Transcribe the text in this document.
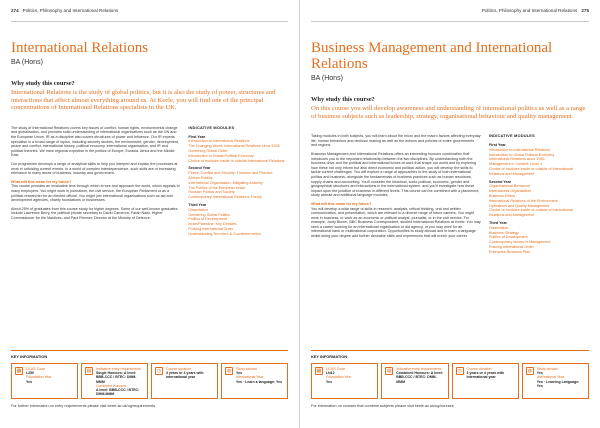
274 Politics, Philosophy and International Relations
International Relations
BA (Hons)
Why study this course?
International Relations is the study of global politics, but it is also the study of power, structures and interactions that affect almost everything around us. At Keele, you will find one of the principal concentrations of International Relations specialists in the UK.

The study of International Relations covers key issues of conflict, human rights, environmental change and globalisation, and provides solid understanding of international organisations such as the UN and the European Union. IR as a discipline also covers structures of power and influence. Our IR experts specialise in a broad range of topics, including security studies, the environment, gender, development, peace and conflict, international history, political economy, international organisation, and IR and political theories. We have regional expertise in the politics of Europe, Eurasia, Africa and the Middle East.

Our programme develops a range of analytical skills to help you interpret and explain the processes at work in unfolding current events. In a world of complex interdependence, such skills are of increasing relevance to many areas of business, industry and government.

What will this mean for my future?

This course provides an invaluable lens through which to see and approach the world, which appeals to many employers. You might work in journalism, the civil service, the European Parliament or as a political researcher for an elected official. You might join international organisations such as aid and development agencies, charity foundations or businesses.

About 25% of graduates from this course study for higher degrees. Some of our well-known graduates include Lawrence Berry, the political private secretary to David Cameron, Farah Naisi, Higher Commissioner for the Maldives, and Paul Rimmer, Director at the Ministry of Defence.

INDICATIVE MODULES
First Year
Introduction to International Relations
The Changing World: International Relations since 1945
Governing Global Order
Introduction to Global Political Economy
Choice of modules inside or outside International Relations
Second Year
Peace, Conflict and Security: Theories and Practice
African Politics
International Organisation: Mitigating Anarchy
The Politics of the European Union
Russian Politics and Society
Contemporary International Relations Theory
Third Year
Dissertation
Gendering Global Politics
Politics of Development
Israel/Palestine: Key Debates
Policing International Order
Understanding Terrorism & Counterterrorism
KEY INFORMATION
▦	UCAS Code
L250
Foundation Year
Yes
▤	Indicative entry requirements
Single Honours: A level: BBB-CCC / BTEC: DMM-MMM
Combined Honours:
A level: BBB-CCC / BTEC: DMM-MMM
◷	Course duration
3 years or 4 years with international year
◍	Study abroad
Yes
International Year
Yes · Learn a language: Yes
For further information on entry requirements please visit keele.ac.uk/ug/requirements
Politics, Philosophy and International Relations 275
Business Management and International Relations
BA (Hons)
Why study this course?
On this course you will develop awareness and understanding of international politics as well as a range of business subjects such as leadership, strategy, organisational behaviour and quality management.

Taking modules in both subjects, you will learn about the micro and the macro factors affecting everyday life, human behaviour and decision making as well as the actions and policies of entire governments and regions.

Business Management and International Relations offers an interesting honours combination that introduces you to the important relationship between the two disciplines. By understanding both the business drive and the political and international forces at work that shape our world and by exploring how these not only inform but also direct economic and political action, you will develop the skills to tackle current challenges. You will explore a range of approaches to the study of both international politics and business, alongside the fundamentals of business practices such as human resources, supply chains and accounting. You'll consider the historical, socio-political, economic, gender and geographical structures and interactions in the international system, and you'll investigate how these impact upon the practice of business in different levels. This course can be combined with a placement, study abroad and additional language modules.

What will this mean for my future?

You will develop a wide range of skills in research, analysis, critical thinking, oral and written communication, and presentation, which are relevant to a diverse range of future careers. You might work in business, or work as an economic or political analyst, journalist, or in the civil service. For example, Jonty Bloom, BBC Business Correspondent, studied International Relations at Keele. You may seek a career working for an international organisation or aid agency, or you may work for an international bank or multinational corporation. Opportunities to study abroad and to learn a language whilst doing your degree add further desirable skills and experiences that will enrich your career.

INDICATIVE MODULES
First Year
Introduction to International Relations
Introduction to Global Political Economy
International Relations since 1945
Management in Context: Level 1
Choice of modules inside or outside of International Relations and Management
Second Year
Organisational Behaviour
International Organisation
Business Ethics
International Relations of the Environment
Operations and Quality Management
Choice of modules inside or outside of International Relations and Management
Third Year
Dissertation
Business Strategy
Politics of Development
Contemporary Issues in Management
Policing International Order
Enterprise Business Plan
KEY INFORMATION
▦	UCAS Code
LN12
Foundation Year
Yes
▤	Indicative entry requirements
Combined Honours: A level: BBB-CCC / BTEC: DMM-MMM
◷	Course duration
3 years or 4 years with international year
◍	Study abroad
Yes
International Year
Yes · Learning Language: Yes
For information on courses that combine subjects please visit keele.ac.uk/ug/courses
